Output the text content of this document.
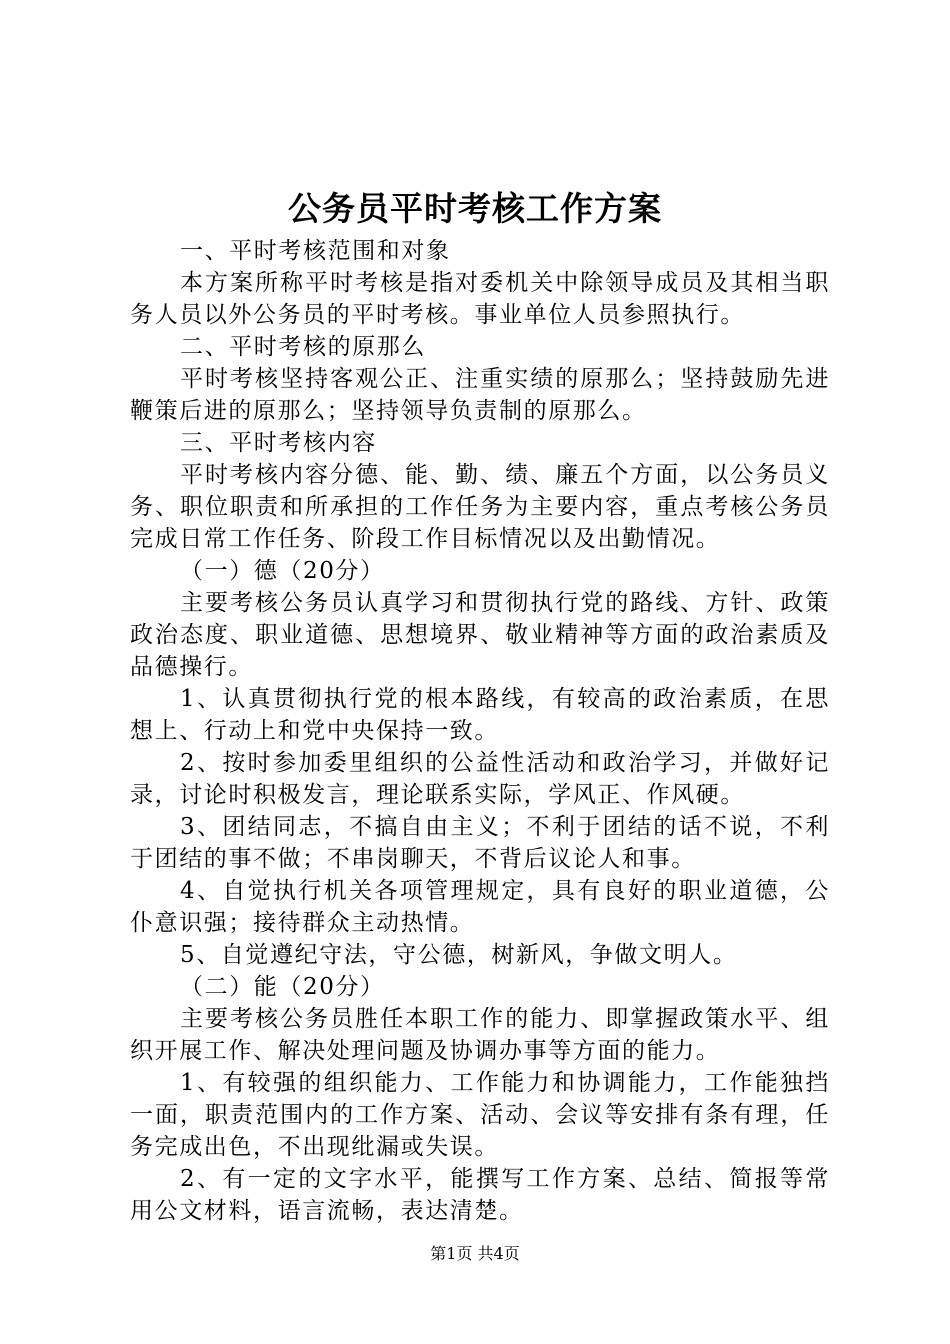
公务员平时考核工作方案

一、平时考核范围和对象

本方案所称平时考核是指对委机关中除领导成员及其相当职务人员以外公务员的平时考核。事业单位人员参照执行。

二、平时考核的原那么

平时考核坚持客观公正、注重实绩的原那么；坚持鼓励先进鞭策后进的原那么；坚持领导负责制的原那么。

三、平时考核内容

平时考核内容分德、能、勤、绩、廉五个方面，以公务员义务、职位职责和所承担的工作任务为主要内容，重点考核公务员完成日常工作任务、阶段工作目标情况以及出勤情况。

（一）德（20分）

主要考核公务员认真学习和贯彻执行党的路线、方针、政策政治态度、职业道德、思想境界、敬业精神等方面的政治素质及品德操行。

1、认真贯彻执行党的根本路线，有较高的政治素质，在思想上、行动上和党中央保持一致。

2、按时参加委里组织的公益性活动和政治学习，并做好记录，讨论时积极发言，理论联系实际，学风正、作风硬。

3、团结同志，不搞自由主义；不利于团结的话不说，不利于团结的事不做；不串岗聊天，不背后议论人和事。

4、自觉执行机关各项管理规定，具有良好的职业道德，公仆意识强；接待群众主动热情。

5、自觉遵纪守法，守公德，树新风，争做文明人。

（二）能（20分）

主要考核公务员胜任本职工作的能力、即掌握政策水平、组织开展工作、解决处理问题及协调办事等方面的能力。

1、有较强的组织能力、工作能力和协调能力，工作能独挡一面，职责范围内的工作方案、活动、会议等安排有条有理，任务完成出色，不出现纰漏或失误。

2、有一定的文字水平，能撰写工作方案、总结、简报等常用公文材料，语言流畅，表达清楚。

第1页 共4页
